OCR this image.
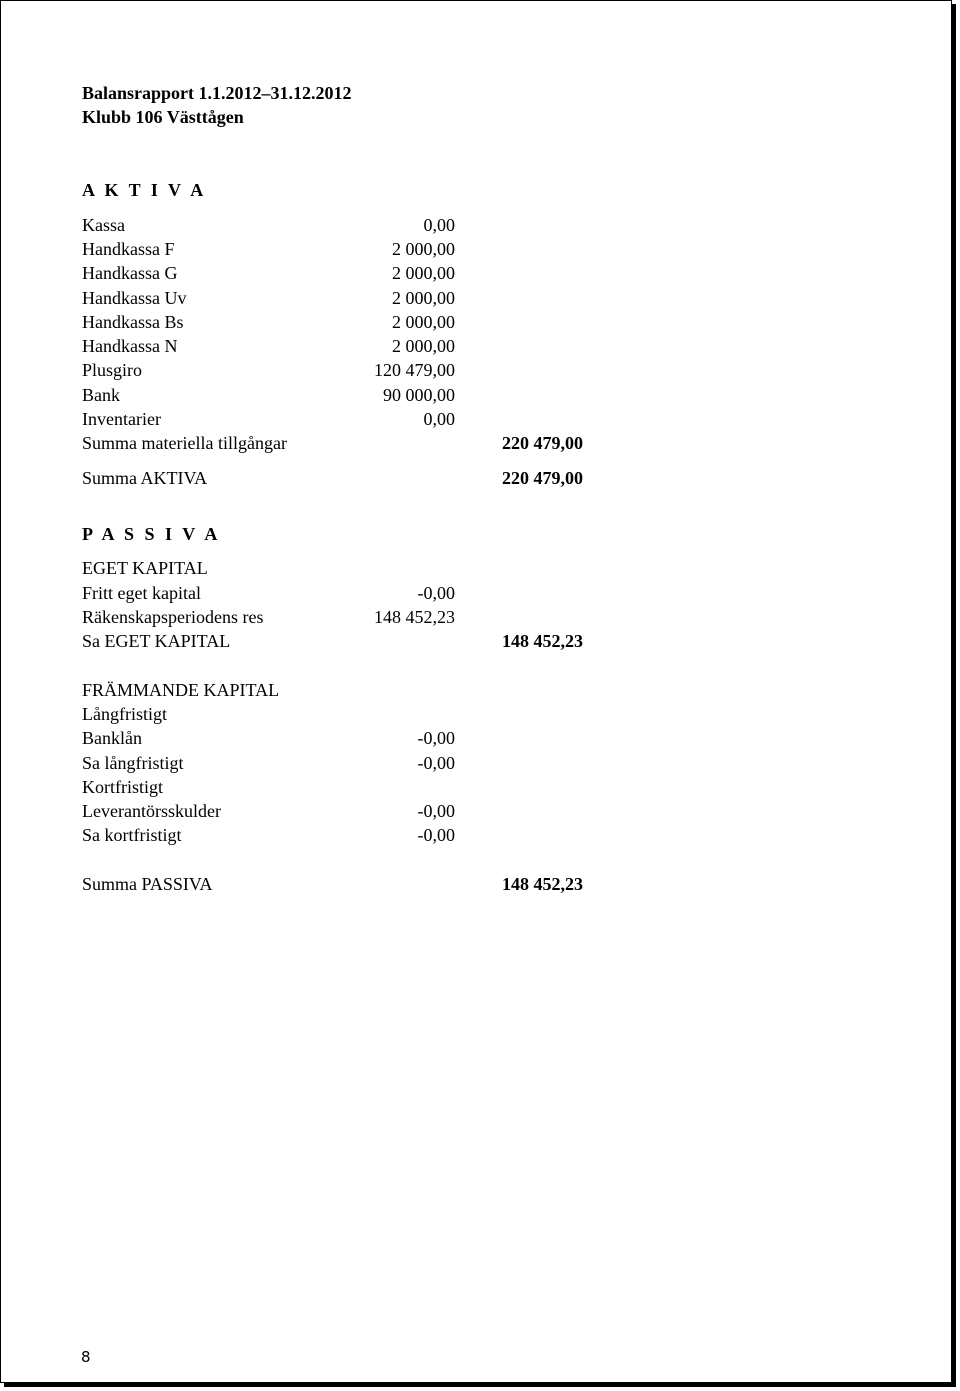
Balansrapport 1.1.2012–31.12.2012
Klubb 106 Västtågen
A K T I V A
Kassa	0,00
Handkassa F	2 000,00
Handkassa G	2 000,00
Handkassa Uv	2 000,00
Handkassa Bs	2 000,00
Handkassa N	2 000,00
Plusgiro	120 479,00
Bank	90 000,00
Inventarier	0,00
Summa materiella tillgångar	220 479,00
Summa AKTIVA	220 479,00
P A S S I V A
EGET KAPITAL
Fritt eget kapital	-0,00
Räkenskapsperiodens res	148 452,23
Sa EGET KAPITAL	148 452,23
FRÄMMANDE KAPITAL
Långfristigt
Banklån	-0,00
Sa långfristigt	-0,00
Kortfristigt
Leverantörsskulder	-0,00
Sa kortfristigt	-0,00
Summa PASSIVA	148 452,23
8
